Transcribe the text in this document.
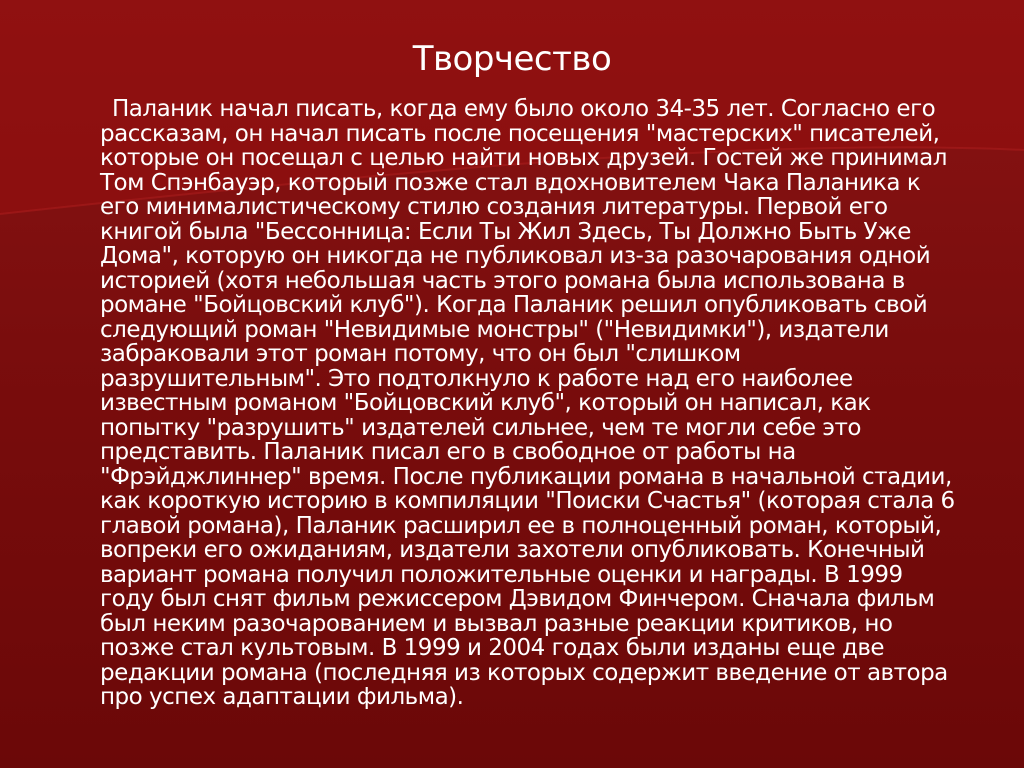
Творчество

Паланик начал писать, когда ему было около 34-35 лет. Согласно его рассказам, он начал писать после посещения "мастерских" писателей, которые он посещал с целью найти новых друзей. Гостей же принимал Том Спэнбауэр, который позже стал вдохновителем Чака Паланика к его минималистическому стилю создания литературы. Первой его книгой была "Бессонница: Если Ты Жил Здесь, Ты Должно Быть Уже Дома", которую он никогда не публиковал из-за разочарования одной историей (хотя небольшая часть этого романа была использована в романе "Бойцовский клуб"). Когда Паланик решил опубликовать свой следующий роман "Невидимые монстры" ("Невидимки"), издатели забраковали этот роман потому, что он был "слишком разрушительным". Это подтолкнуло к работе над его наиболее известным романом "Бойцовский клуб", который он написал, как попытку "разрушить" издателей сильнее, чем те могли себе это представить. Паланик писал его в свободное от работы на "Фрэйджлиннер" время. После публикации романа в начальной стадии, как короткую историю в компиляции "Поиски Счастья" (которая стала 6 главой романа), Паланик расширил ее в полноценный роман, который, вопреки его ожиданиям, издатели захотели опубликовать. Конечный вариант романа получил положительные оценки и награды. В 1999 году был снят фильм режиссером Дэвидом Финчером. Сначала фильм был неким разочарованием и вызвал разные реакции критиков, но позже стал культовым. В 1999 и 2004 годах были изданы еще две редакции романа (последняя из которых содержит введение от автора про успех адаптации фильма).
